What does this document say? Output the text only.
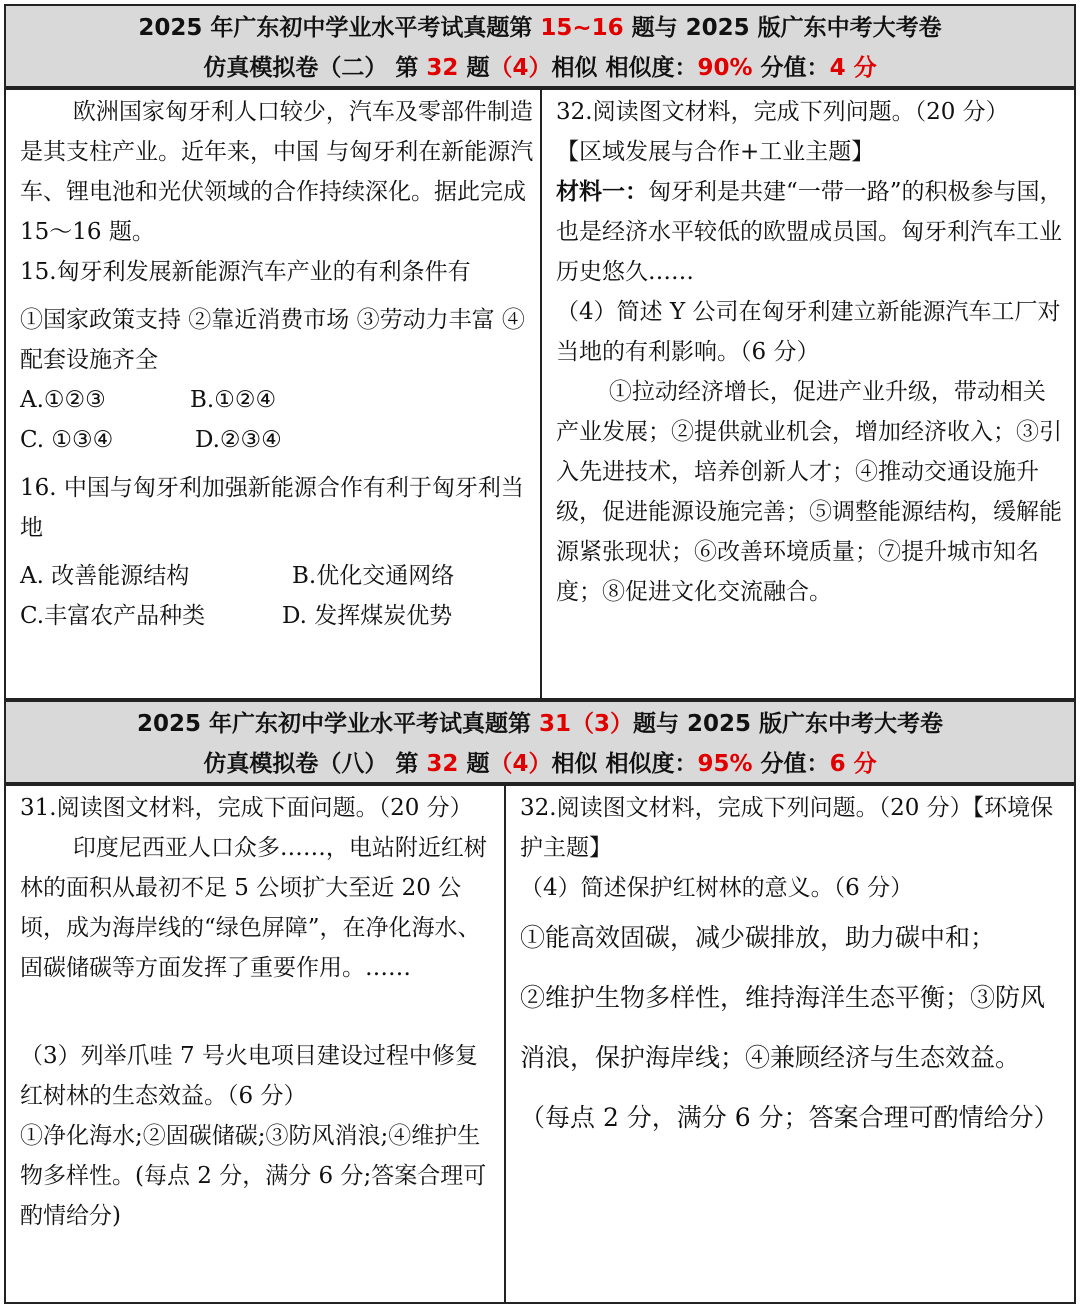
2025 年广东初中学业水平考试真题第 15~16 题与 2025 版广东中考大考卷
仿真模拟卷（二） 第 32 题（4）相似 相似度：90% 分值：4 分

欧洲国家匈牙利人口较少，汽车及零部件制造是其支柱产业。近年来，中国 与匈牙利在新能源汽车、锂电池和光伏领域的合作持续深化。据此完成 15～16 题。

15.匈牙利发展新能源汽车产业的有利条件有

①国家政策支持 ②靠近消费市场 ③劳动力丰富 ④配套设施齐全

A.①②③	B.①②④

C. ①③④	D.②③④

16. 中国与匈牙利加强新能源合作有利于匈牙利当地

A. 改善能源结构	B.优化交通网络

C.丰富农产品种类	D. 发挥煤炭优势

32.阅读图文材料，完成下列问题。（20 分）

【区域发展与合作+工业主题】

材料一：匈牙利是共建“一带一路”的积极参与国，也是经济水平较低的欧盟成员国。匈牙利汽车工业历史悠久……

（4）简述 Y 公司在匈牙利建立新能源汽车工厂对当地的有利影响。（6 分）

①拉动经济增长，促进产业升级，带动相关产业发展；②提供就业机会，增加经济收入；③引入先进技术，培养创新人才；④推动交通设施升级，促进能源设施完善；⑤调整能源结构，缓解能源紧张现状；⑥改善环境质量；⑦提升城市知名度；⑧促进文化交流融合。

2025 年广东初中学业水平考试真题第 31（3）题与 2025 版广东中考大考卷
仿真模拟卷（八） 第 32 题（4）相似 相似度：95% 分值：6 分

31.阅读图文材料，完成下面问题。（20 分）

印度尼西亚人口众多……，电站附近红树林的面积从最初不足 5 公顷扩大至近 20 公顷，成为海岸线的“绿色屏障”，在净化海水、固碳储碳等方面发挥了重要作用。……

（3）列举爪哇 7 号火电项目建设过程中修复红树林的生态效益。（6 分）

①净化海水;②固碳储碳;③防风消浪;④维护生物多样性。(每点 2 分，满分 6 分;答案合理可酌情给分)

32.阅读图文材料，完成下列问题。（20 分）【环境保护主题】

（4）简述保护红树林的意义。（6 分）

①能高效固碳，减少碳排放，助力碳中和；

②维护生物多样性，维持海洋生态平衡；③防风消浪，保护海岸线；④兼顾经济与生态效益。

（每点 2 分，满分 6 分；答案合理可酌情给分）
